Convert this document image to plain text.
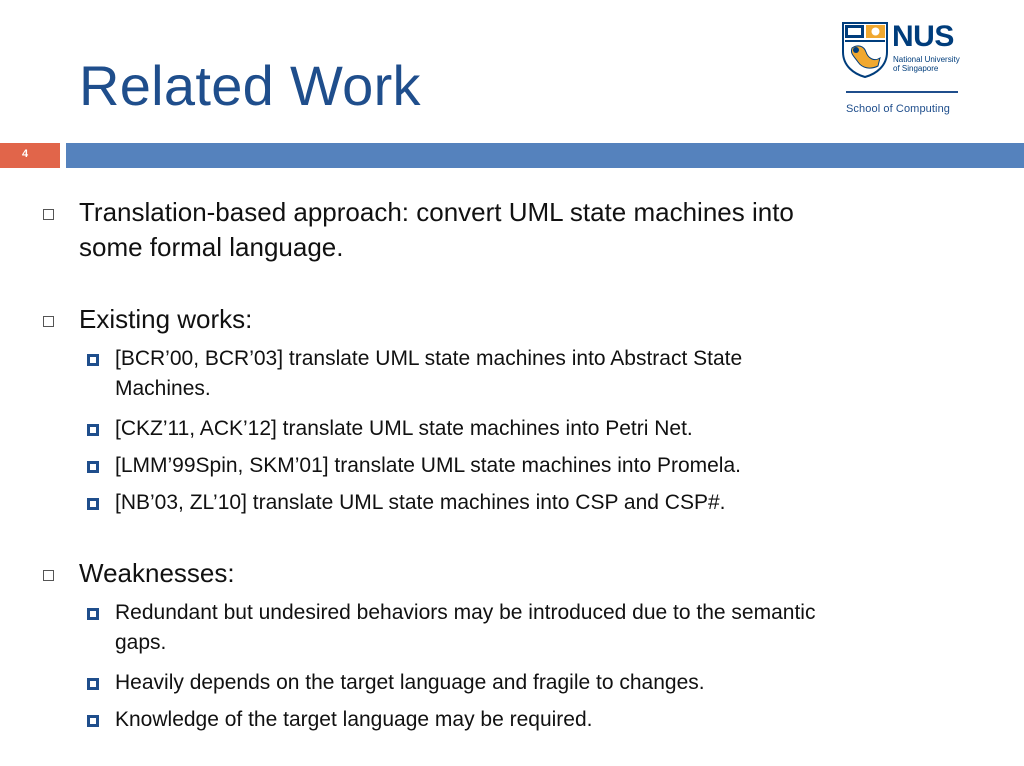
Related Work
NUS
National University
of Singapore
School of Computing
4
Translation-based approach: convert UML state machines into
some formal language.
Existing works:
[BCR’00, BCR’03] translate UML state machines into Abstract State
Machines.
[CKZ’11, ACK’12] translate UML state machines into Petri Net.
[LMM’99Spin, SKM’01] translate UML state machines into Promela.
[NB’03, ZL’10] translate UML state machines into CSP and CSP#.
Weaknesses:
Redundant but undesired behaviors may be introduced due to the semantic
gaps.
Heavily depends on the target language and fragile to changes.
Knowledge of the target language may be required.
